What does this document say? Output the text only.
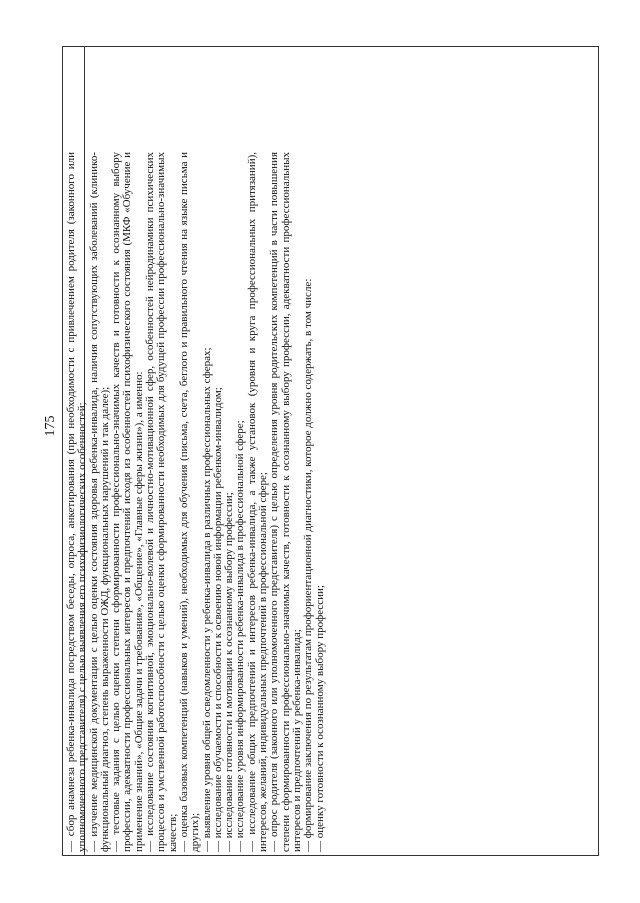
175 — сбор анамнеза ребенка-инвалида посредством беседы, опроса, анкетирования (при необходимости с привлечением родителя (законного или уполномоченного представителя) с целью выявления его психофизиологических особенностей; — изучение медицинской документации с целью оценки состояния здоровья ребенка-инвалида, наличия сопутствующих заболеваний (клинико-функциональный диагноз, степень выраженности ОЖД, функциональных нарушений и так далее); — тестовые задания с целью оценки степени сформированности профессионально-значимых качеств и готовности к осознанному выбору профессии, адекватности профессиональных интересов и предпочтений исходя из особенностей психофизического состояния (МКФ «Обучение и применение знаний», «Общие задачи и требования», «Общение», «Главные сферы жизни»), а именно: — исследование состояния когнитивной, эмоционально-волевой и личностно-мотивационной сфер, особенностей нейродинамики психических процессов и умственной работоспособности с целью оценки сформированности необходимых для будущей профессии профессионально-значимых качеств; — оценка базовых компетенций (навыков и умений), необходимых для обучения (письма, счета, беглого и правильного чтения на языке письма и других); — выявление уровня общей осведомленности у ребенка-инвалида в различных профессиональных сферах; — исследование обучаемости и способности к освоению новой информации ребенком-инвалидом; — исследование готовности и мотивации к осознанному выбору профессии; — исследование уровня информированности ребенка-инвалида в профессиональной сфере; — исследование общих предпочтений и интересов ребенка-инвалида, а также установок (уровня и круга профессиональных притязаний), интересов, желаний, индивидуальных предпочтений в профессиональной сфере; — опрос родителя (законного или уполномоченного представителя) с целью определения уровня родительских компетенций в части повышения степени сформированности профессионально-значимых качеств, готовности к осознанному выбору профессии, адекватности профессиональных интересов и предпочтений у ребенка-инвалида; — формирование заключения по результатам профориентационной диагностики, которое должно содержать, в том числе: — оценку готовности к осознанному выбору профессии;
